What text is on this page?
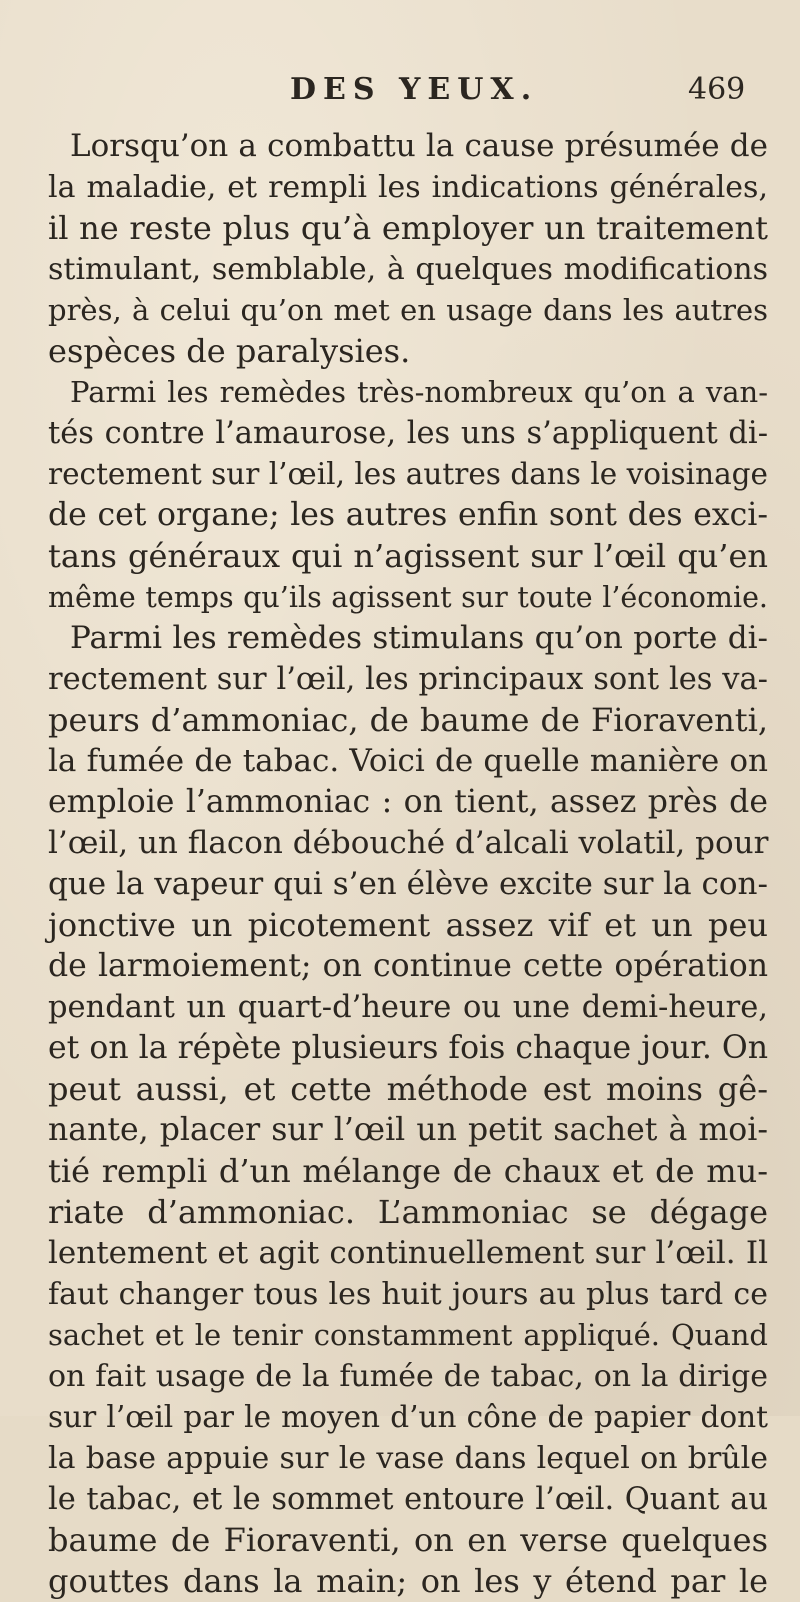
DES YEUX.	469
Lorsqu’on a combattu la cause présumée de
la maladie, et rempli les indications générales,
il ne reste plus qu’à employer un traitement
stimulant, semblable, à quelques modifications
près, à celui qu’on met en usage dans les autres
espèces de paralysies.
Parmi les remèdes très-nombreux qu’on a van-
tés contre l’amaurose, les uns s’appliquent di-
rectement sur l’œil, les autres dans le voisinage
de cet organe; les autres enfin sont des exci-
tans généraux qui n’agissent sur l’œil qu’en
même temps qu’ils agissent sur toute l’économie.
Parmi les remèdes stimulans qu’on porte di-
rectement sur l’œil, les principaux sont les va-
peurs d’ammoniac, de baume de Fioraventi,
la fumée de tabac. Voici de quelle manière on
emploie l’ammoniac : on tient, assez près de
l’œil, un flacon débouché d’alcali volatil, pour
que la vapeur qui s’en élève excite sur la con-
jonctive un picotement assez vif et un peu
de larmoiement; on continue cette opération
pendant un quart-d’heure ou une demi-heure,
et on la répète plusieurs fois chaque jour. On
peut aussi, et cette méthode est moins gê-
nante, placer sur l’œil un petit sachet à moi-
tié rempli d’un mélange de chaux et de mu-
riate d’ammoniac. L’ammoniac se dégage
lentement et agit continuellement sur l’œil. Il
faut changer tous les huit jours au plus tard ce
sachet et le tenir constamment appliqué. Quand
on fait usage de la fumée de tabac, on la dirige
sur l’œil par le moyen d’un cône de papier dont
la base appuie sur le vase dans lequel on brûle
le tabac, et le sommet entoure l’œil. Quant au
baume de Fioraventi, on en verse quelques
gouttes dans la main; on les y étend par le
